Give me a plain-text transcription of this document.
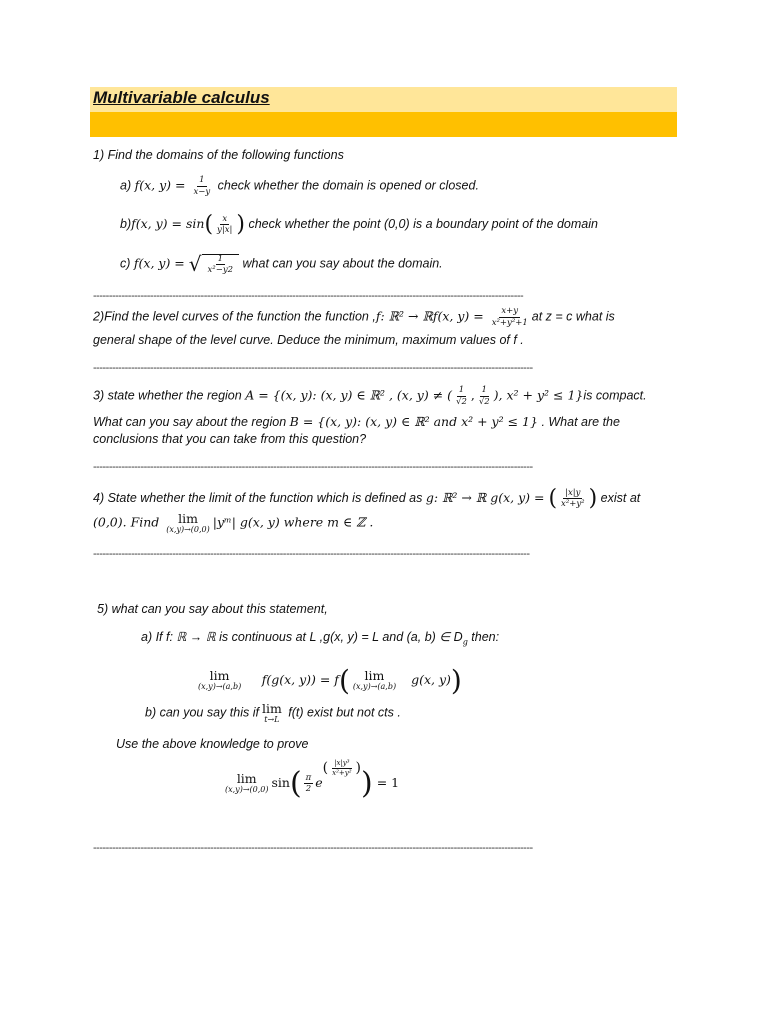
Multivariable calculus
1) Find the domains of the following functions
a) f(x, $y) = \frac{1}{x-y}$ check whether the domain is opened or closed.
b)f(x, $y) = \sin( \frac{x}{y|x|}$ ) check whether the point (0,0) is a boundary point of the domain
c) f(x, y) = √ $\frac{1}{\text{x²−y2}}$ what can you say about the domain.
----------------------------------------------------------------------------------------------------------------------------------------
2)Find the level curves of the function the function ,f: ℝ² → ℝf(x, $y) = \frac{x+y}{\text{x²+y²+1}}$ at z = c what is
general shape of the level curve. Deduce the minimum, maximum values of f .
-------------------------------------------------------------------------------------------------------------------------------------------
3) state whether the region A = {(x, y): (x, y) ∈ ℝ² , (x, y) ≠ ( $\frac{1}{√2}$ , $\frac{1}{√2}$ ), x² + y² ≤ 1}is compact.
What can you say about the region B = {(x, y): (x, y) ∈ ℝ² and x² + y² ≤ 1} . What are the
conclusions that you can take from this question?
-------------------------------------------------------------------------------------------------------------------------------------------
4) State whether the limit of the function which is defined as g: ℝ² → ℝ g(x, y) = ( $\frac{|x|y}{\text{x²+y²}}$ ) exist at
(0,0). Find lim
(x,y)→(0,0) |yᵐ| g(x, y) where m ∈ ℤ .
------------------------------------------------------------------------------------------------------------------------------------------
5) what can you say about this statement,
a) If f: ℝ → ℝ is continuous at L ,g(x, y) = L and (a, b) ∈ $D_g$ then:
lim
(x,y)→(a,b) f(g(x, y)) = f( lim
(x,y)→(a,b) g(x, y))
b) can you say this if lim
t→L f(t) exist but not cts .
Use the above knowledge to prove
lim
(x,y)→(0,0) $\sin( \frac{\pi}{2} e( \frac{\text{|x|y³}}{\text{x²+y²}}$ )) = 1
-------------------------------------------------------------------------------------------------------------------------------------------
